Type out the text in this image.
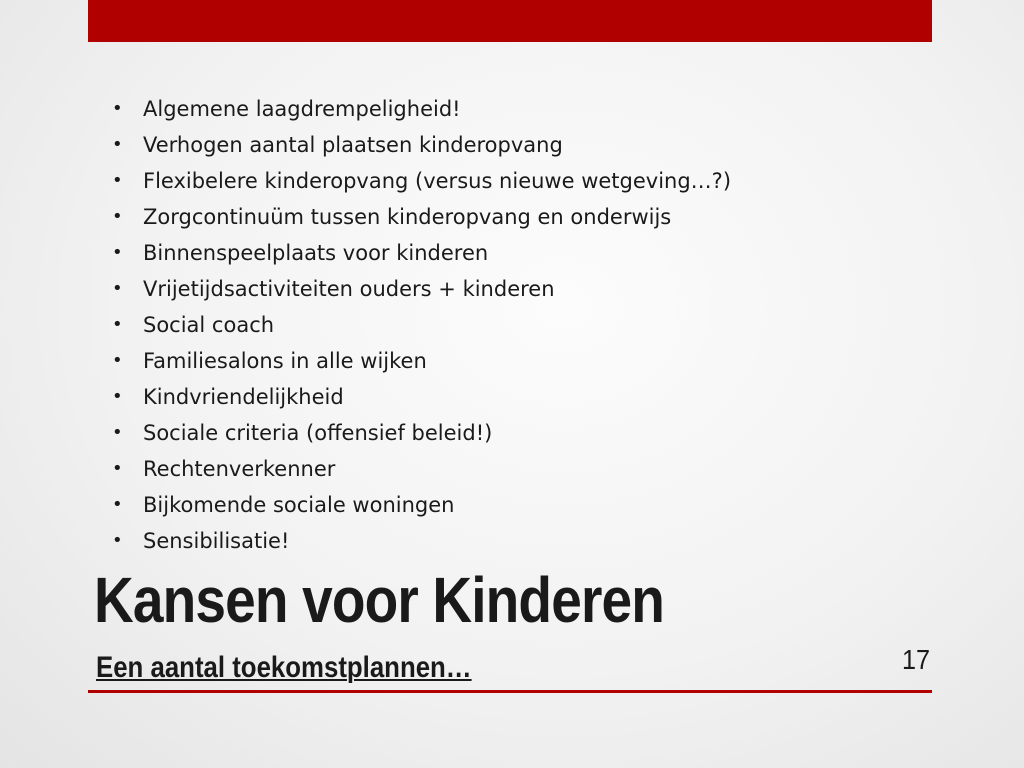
• Algemene laagdrempeligheid!
• Verhogen aantal plaatsen kinderopvang
• Flexibelere kinderopvang (versus nieuwe wetgeving…?)
• Zorgcontinuüm tussen kinderopvang en onderwijs
• Binnenspeelplaats voor kinderen
• Vrijetijdsactiviteiten ouders + kinderen
• Social coach
• Familiesalons in alle wijken
• Kindvriendelijkheid
• Sociale criteria (offensief beleid!)
• Rechtenverkenner
• Bijkomende sociale woningen
• Sensibilisatie!
Kansen voor Kinderen
Een aantal toekomstplannen…	17
